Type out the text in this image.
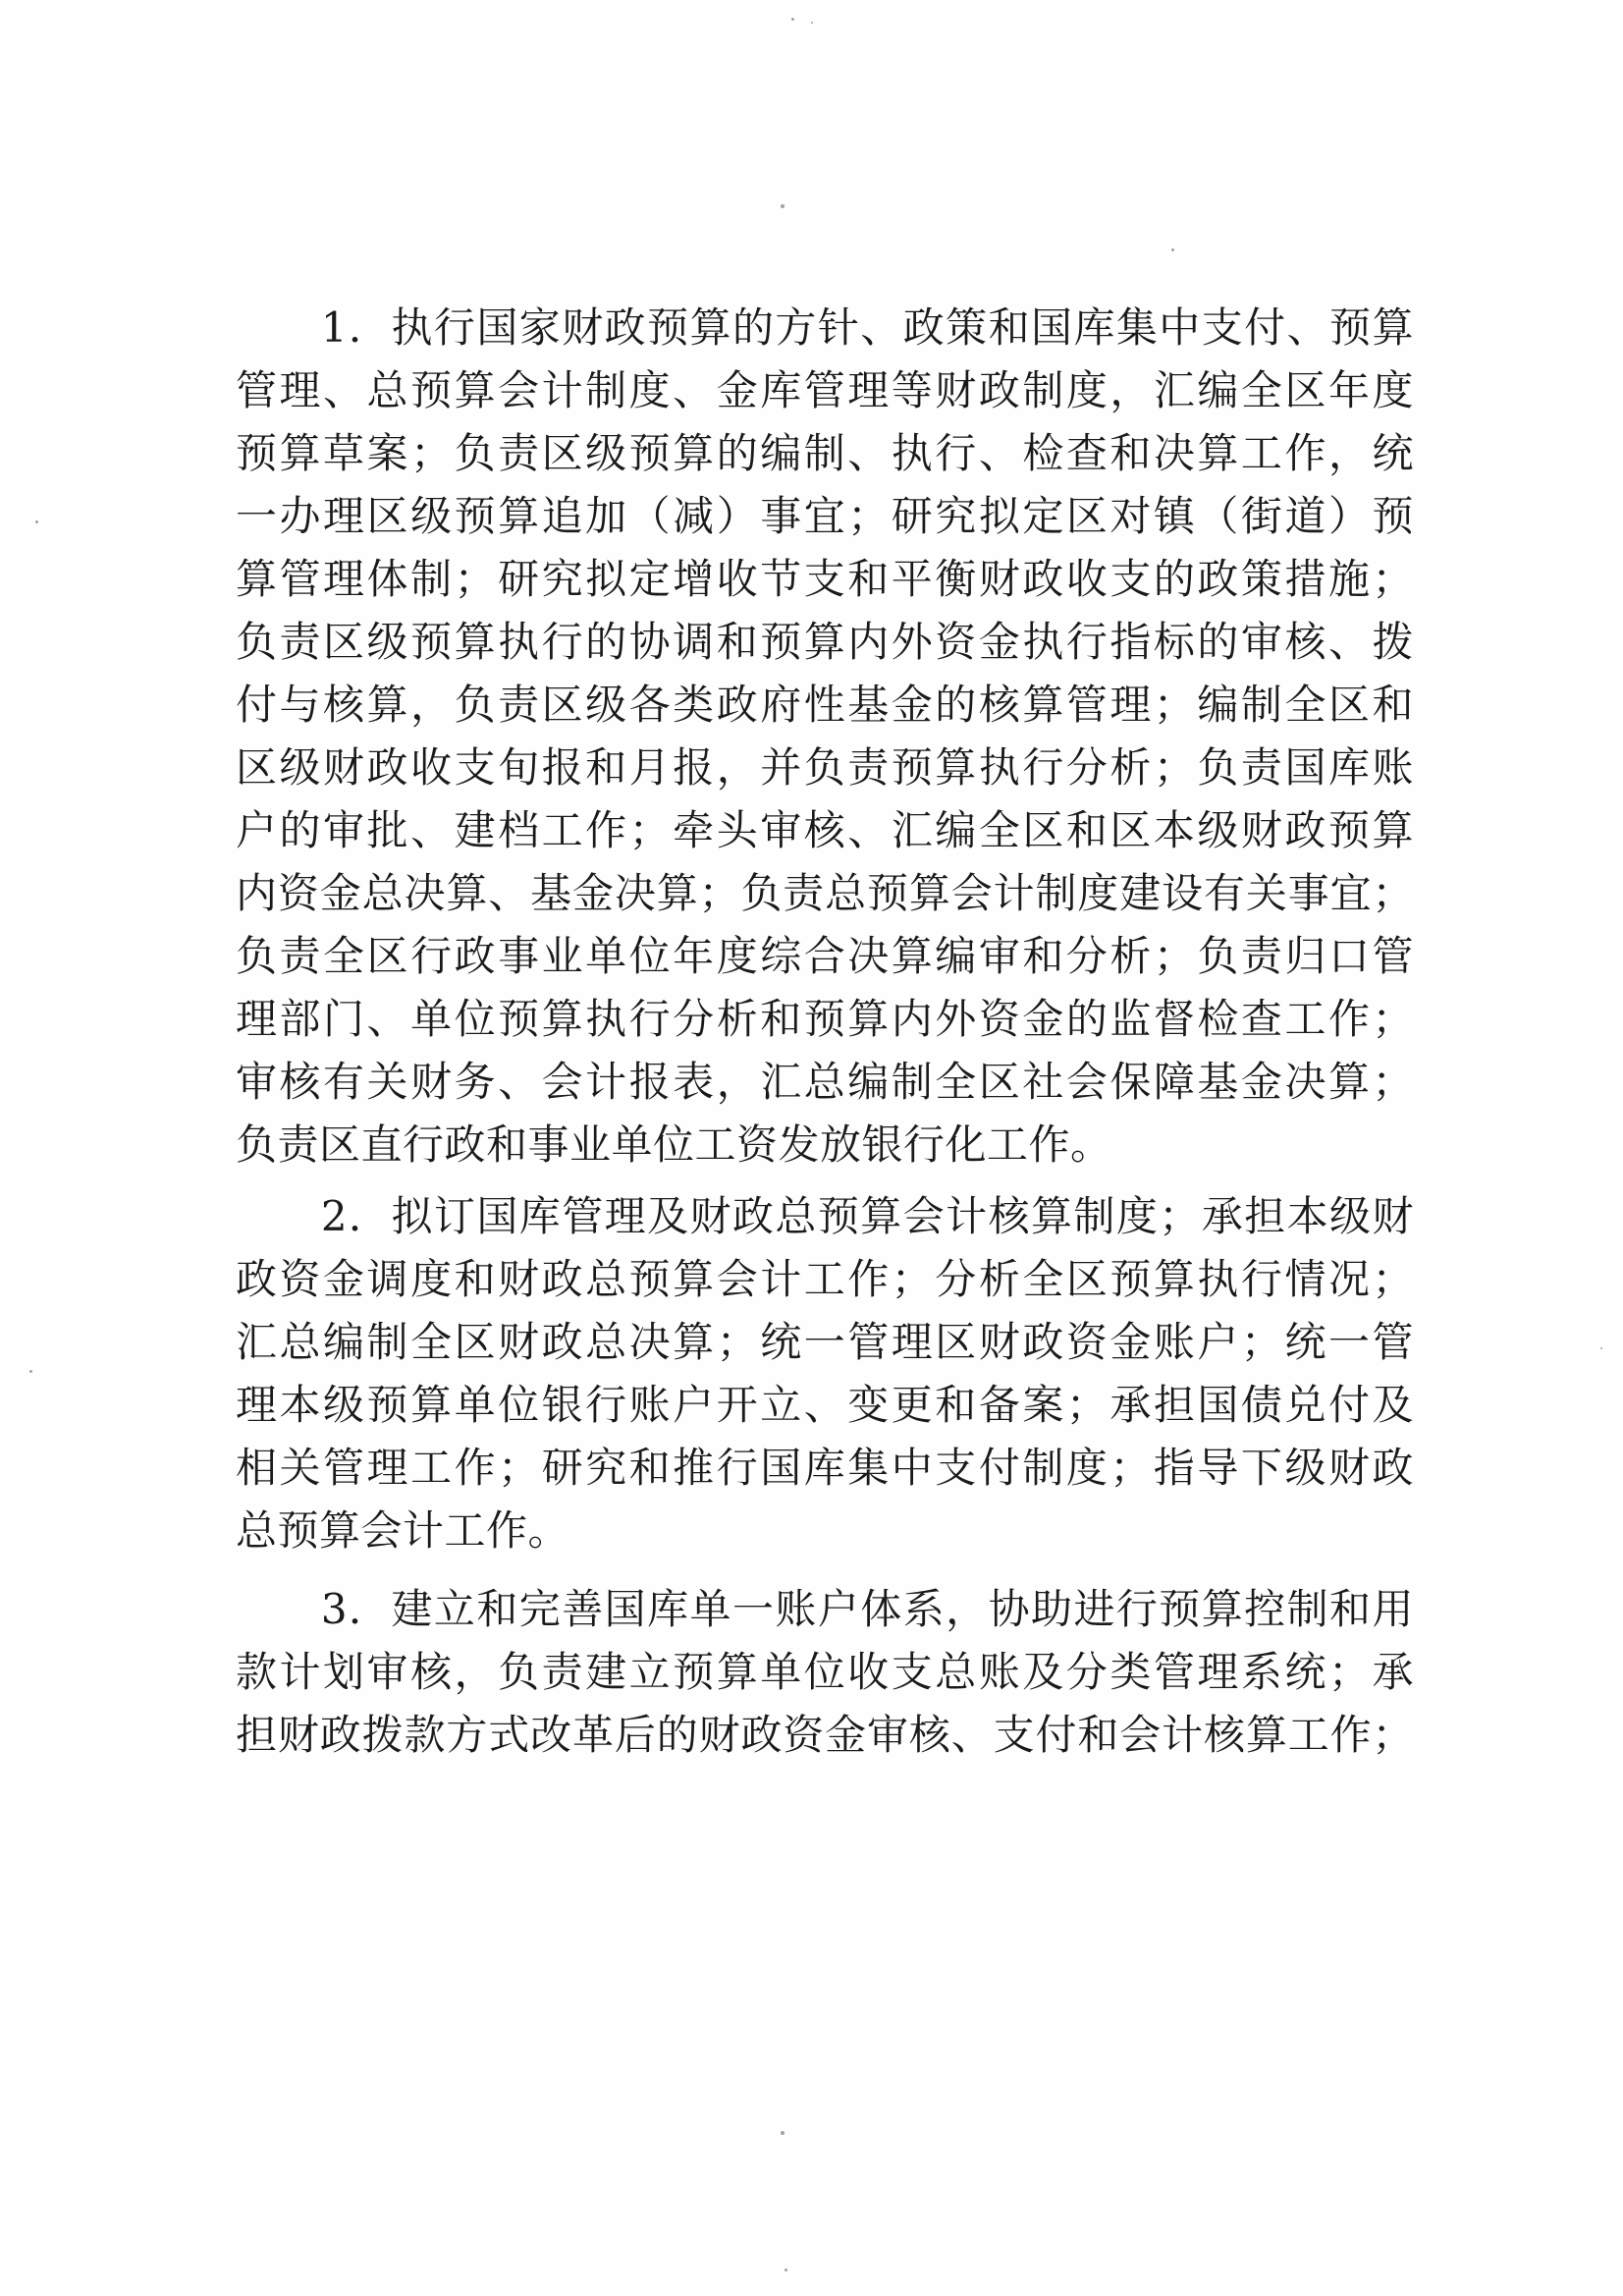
　　1．执行国家财政预算的方针、政策和国库集中支付、预算
管理、总预算会计制度、金库管理等财政制度，汇编全区年度
预算草案；负责区级预算的编制、执行、检查和决算工作，统
一办理区级预算追加（减）事宜；研究拟定区对镇（街道）预
算管理体制；研究拟定增收节支和平衡财政收支的政策措施；
负责区级预算执行的协调和预算内外资金执行指标的审核、拨
付与核算，负责区级各类政府性基金的核算管理；编制全区和
区级财政收支旬报和月报，并负责预算执行分析；负责国库账
户的审批、建档工作；牵头审核、汇编全区和区本级财政预算
内资金总决算、基金决算；负责总预算会计制度建设有关事宜；
负责全区行政事业单位年度综合决算编审和分析；负责归口管
理部门、单位预算执行分析和预算内外资金的监督检查工作；
审核有关财务、会计报表，汇总编制全区社会保障基金决算；
负责区直行政和事业单位工资发放银行化工作。
　　2．拟订国库管理及财政总预算会计核算制度；承担本级财
政资金调度和财政总预算会计工作；分析全区预算执行情况；
汇总编制全区财政总决算；统一管理区财政资金账户；统一管
理本级预算单位银行账户开立、变更和备案；承担国债兑付及
相关管理工作；研究和推行国库集中支付制度；指导下级财政
总预算会计工作。
　　3．建立和完善国库单一账户体系，协助进行预算控制和用
款计划审核，负责建立预算单位收支总账及分类管理系统；承
担财政拨款方式改革后的财政资金审核、支付和会计核算工作；
